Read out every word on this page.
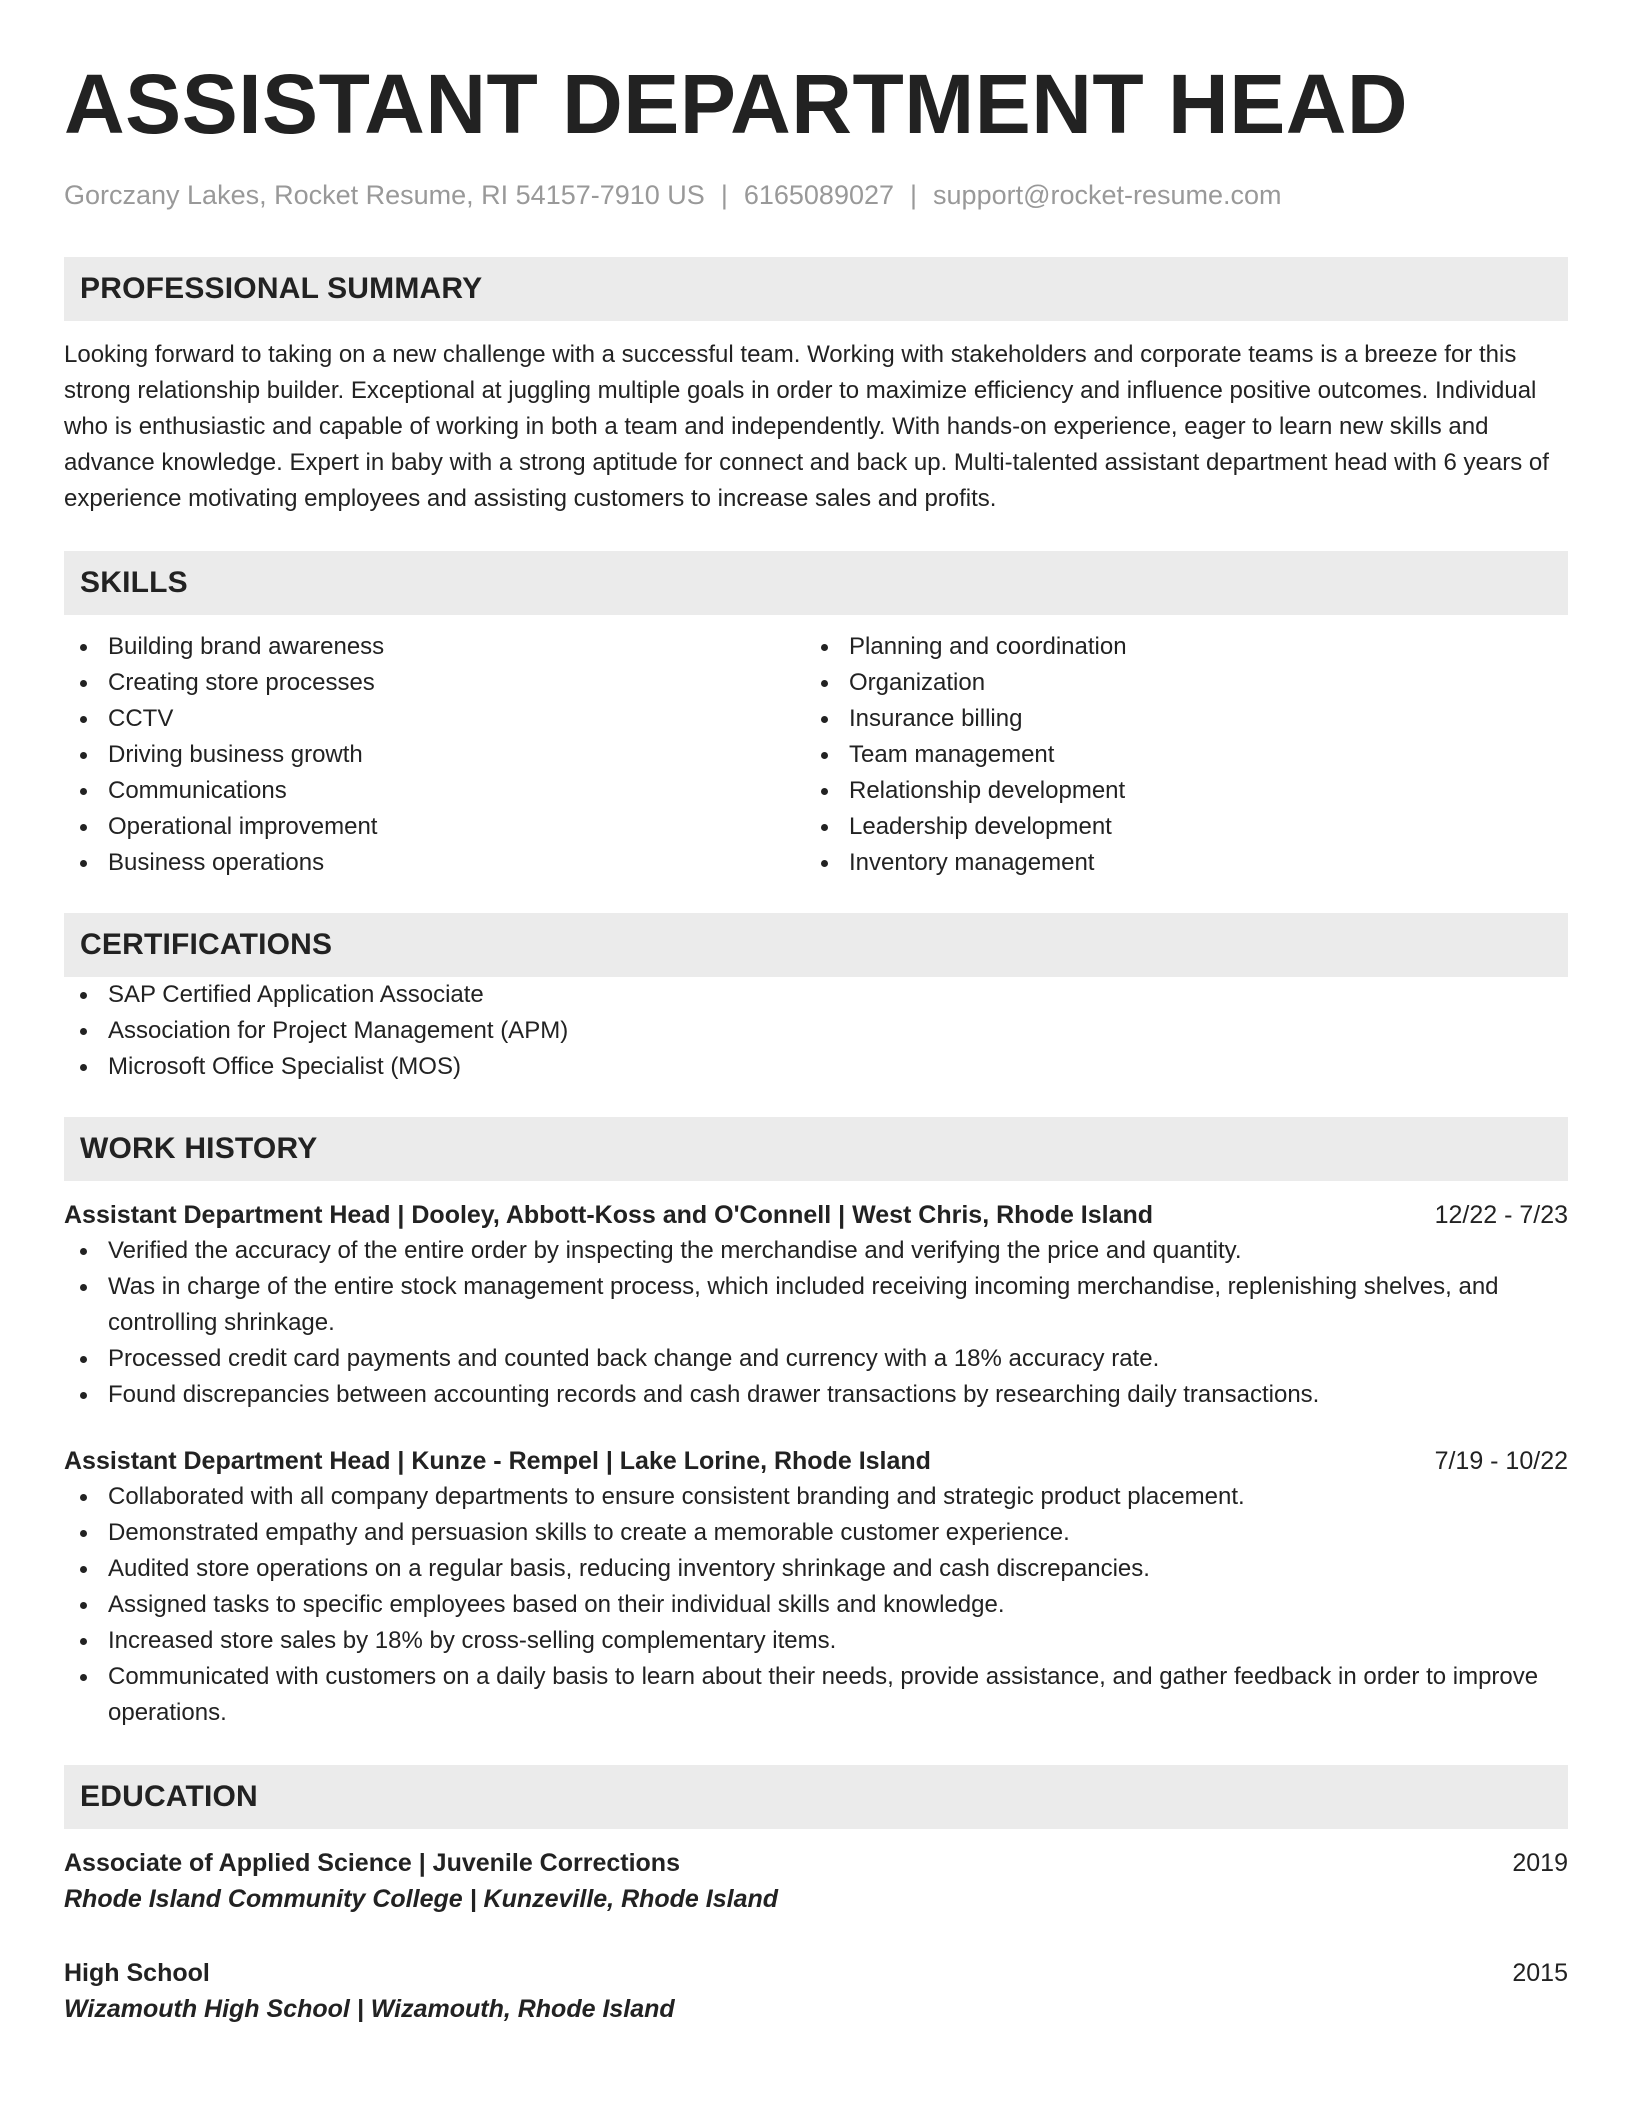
ASSISTANT DEPARTMENT HEAD
Gorczany Lakes, Rocket Resume, RI 54157-7910 US | 6165089027 | support@rocket-resume.com
PROFESSIONAL SUMMARY

Looking forward to taking on a new challenge with a successful team. Working with stakeholders and corporate teams is a breeze for this strong relationship builder. Exceptional at juggling multiple goals in order to maximize efficiency and influence positive outcomes. Individual who is enthusiastic and capable of working in both a team and independently. With hands-on experience, eager to learn new skills and advance knowledge. Expert in baby with a strong aptitude for connect and back up. Multi-talented assistant department head with 6 years of experience motivating employees and assisting customers to increase sales and profits.

SKILLS
Building brand awareness
Creating store processes
CCTV
Driving business growth
Communications
Operational improvement
Business operations
Planning and coordination
Organization
Insurance billing
Team management
Relationship development
Leadership development
Inventory management
CERTIFICATIONS
SAP Certified Application Associate
Association for Project Management (APM)
Microsoft Office Specialist (MOS)
WORK HISTORY
Assistant Department Head | Dooley, Abbott-Koss and O'Connell | West Chris, Rhode Island	12/22 - 7/23
Verified the accuracy of the entire order by inspecting the merchandise and verifying the price and quantity.
Was in charge of the entire stock management process, which included receiving incoming merchandise, replenishing shelves, and controlling shrinkage.
Processed credit card payments and counted back change and currency with a 18% accuracy rate.
Found discrepancies between accounting records and cash drawer transactions by researching daily transactions.
Assistant Department Head | Kunze - Rempel | Lake Lorine, Rhode Island	7/19 - 10/22
Collaborated with all company departments to ensure consistent branding and strategic product placement.
Demonstrated empathy and persuasion skills to create a memorable customer experience.
Audited store operations on a regular basis, reducing inventory shrinkage and cash discrepancies.
Assigned tasks to specific employees based on their individual skills and knowledge.
Increased store sales by 18% by cross-selling complementary items.
Communicated with customers on a daily basis to learn about their needs, provide assistance, and gather feedback in order to improve operations.
EDUCATION
Associate of Applied Science | Juvenile Corrections	2019
Rhode Island Community College | Kunzeville, Rhode Island
High School	2015
Wizamouth High School | Wizamouth, Rhode Island
